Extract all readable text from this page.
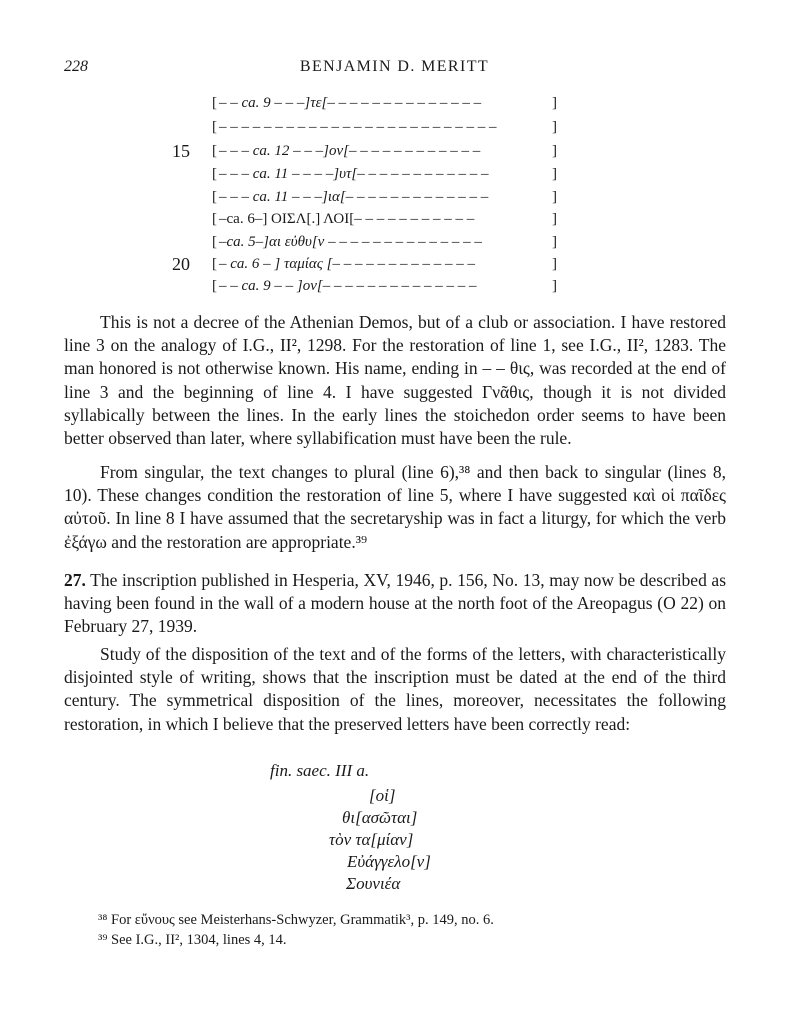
228	BENJAMIN D. MERITT
[ – – ca. 9 – – –]τε[– – – – – – – – – – – – – –	]
[ – – – – – – – – – – – – – – – – – – – – – – – – –	]
15 [ – – – ca. 12 – – –]ον[– – – – – – – – – – – –	]
[ – – – ca. 11 – – – –]υτ[– – – – – – – – – – – –	]
[ – – – ca. 11 – – –]ια[– – – – – – – – – – – – –	]
[ –ca. 6–] ΟΙΣΛ[.] ΛΟΙ[– – – – – – – – – – –	]
[ –ca. 5–]αι εὐθυ[ν – – – – – – – – – – – – – –	]
20 [ – ca. 6 – ] ταμίας [– – – – – – – – – – – – –	]
[ – – ca. 9 – – ]ον[– – – – – – – – – – – – – –	]

This is not a decree of the Athenian Demos, but of a club or association. I have restored line 3 on the analogy of I.G., II², 1298. For the restoration of line 1, see I.G., II², 1283. The man honored is not otherwise known. His name, ending in – – θις, was recorded at the end of line 3 and the beginning of line 4. I have suggested Γνᾶθις, though it is not divided syllabically between the lines. In the early lines the stoichedon order seems to have been better observed than later, where syllabification must have been the rule.

From singular, the text changes to plural (line 6),³⁸ and then back to singular (lines 8, 10). These changes condition the restoration of line 5, where I have suggested καὶ οἱ παῖδες αὐτοῦ. In line 8 I have assumed that the secretaryship was in fact a liturgy, for which the verb ἐξάγω and the restoration are appropriate.³⁹

27. The inscription published in Hesperia, XV, 1946, p. 156, No. 13, may now be described as having been found in the wall of a modern house at the north foot of the Areopagus (O 22) on February 27, 1939.

Study of the disposition of the text and of the forms of the letters, with characteristically disjointed style of writing, shows that the inscription must be dated at the end of the third century. The symmetrical disposition of the lines, moreover, necessitates the following restoration, in which I believe that the preserved letters have been correctly read:

fin. saec. III a.
[οἱ]
θι[ασῶται]
τὸν τα[μίαν]
Εὐάγγελο[ν]
Σουνιέα
³⁸ For εὔνους see Meisterhans-Schwyzer, Grammatik³, p. 149, no. 6.
³⁹ See I.G., II², 1304, lines 4, 14.
